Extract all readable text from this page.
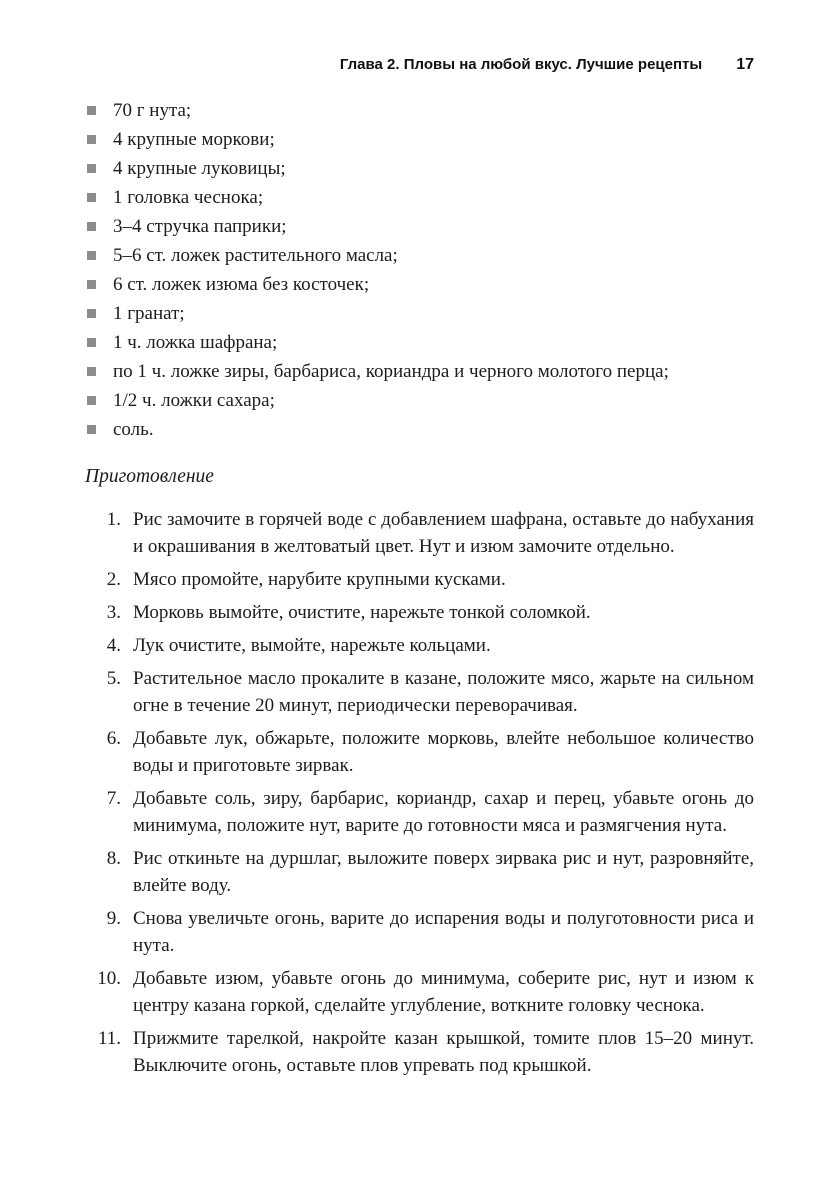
Глава 2. Пловы на любой вкус. Лучшие рецепты 17
70 г нута;
4 крупные моркови;
4 крупные луковицы;
1 головка чеснока;
3–4 стручка паприки;
5–6 ст. ложек растительного масла;
6 ст. ложек изюма без косточек;
1 гранат;
1 ч. ложка шафрана;
по 1 ч. ложке зиры, барбариса, кориандра и черного молотого перца;
1/2 ч. ложки сахара;
соль.
Приготовление
1. Рис замочите в горячей воде с добавлением шафрана, оставьте до набухания и окрашивания в желтоватый цвет. Нут и изюм замочите отдельно.
2. Мясо промойте, нарубите крупными кусками.
3. Морковь вымойте, очистите, нарежьте тонкой соломкой.
4. Лук очистите, вымойте, нарежьте кольцами.
5. Растительное масло прокалите в казане, положите мясо, жарьте на сильном огне в течение 20 минут, периодически переворачивая.
6. Добавьте лук, обжарьте, положите морковь, влейте небольшое количество воды и приготовьте зирвак.
7. Добавьте соль, зиру, барбарис, кориандр, сахар и перец, убавьте огонь до минимума, положите нут, варите до готовности мяса и размягчения нута.
8. Рис откиньте на дуршлаг, выложите поверх зирвака рис и нут, разровняйте, влейте воду.
9. Снова увеличьте огонь, варите до испарения воды и полуготовности риса и нута.
10. Добавьте изюм, убавьте огонь до минимума, соберите рис, нут и изюм к центру казана горкой, сделайте углубление, воткните головку чеснока.
11. Прижмите тарелкой, накройте казан крышкой, томите плов 15–20 минут. Выключите огонь, оставьте плов упревать под крышкой.
